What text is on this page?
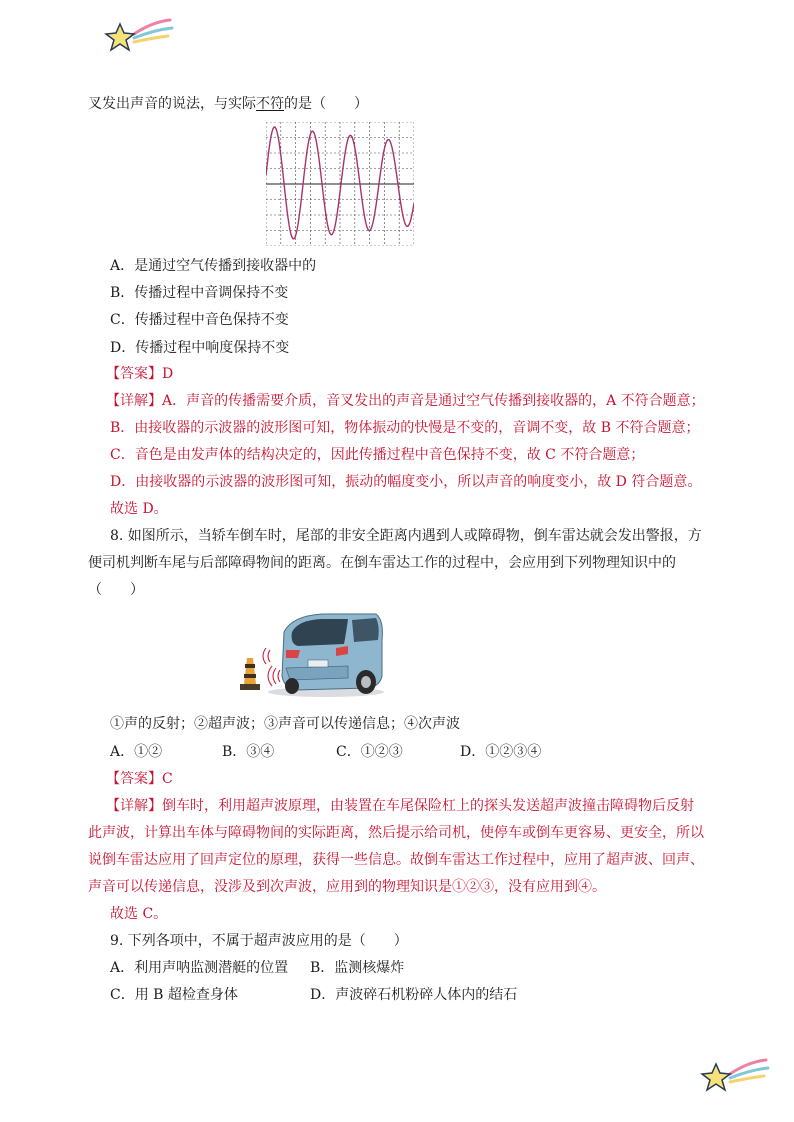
叉发出声音的说法，与实际不符的是（　　）
A．是通过空气传播到接收器中的
B．传播过程中音调保持不变
C．传播过程中音色保持不变
D．传播过程中响度保持不变
【答案】D
【详解】A．声音的传播需要介质，音叉发出的声音是通过空气传播到接收器的，A 不符合题意；
B．由接收器的示波器的波形图可知，物体振动的快慢是不变的，音调不变，故 B 不符合题意；
C．音色是由发声体的结构决定的，因此传播过程中音色保持不变，故 C 不符合题意；
D．由接收器的示波器的波形图可知，振动的幅度变小，所以声音的响度变小，故 D 符合题意。
故选 D。
8. 如图所示，当轿车倒车时，尾部的非安全距离内遇到人或障碍物，倒车雷达就会发出警报，方
便司机判断车尾与后部障碍物间的距离。在倒车雷达工作的过程中，会应用到下列物理知识中的
（　　）
①声的反射；②超声波；③声音可以传递信息；④次声波
A．①②	B．③④	C．①②③	D．①②③④
【答案】C
【详解】倒车时，利用超声波原理，由装置在车尾保险杠上的探头发送超声波撞击障碍物后反射
此声波，计算出车体与障碍物间的实际距离，然后提示给司机，使停车或倒车更容易、更安全，所以
说倒车雷达应用了回声定位的原理，获得一些信息。故倒车雷达工作过程中，应用了超声波、回声、
声音可以传递信息，没涉及到次声波，应用到的物理知识是①②③，没有应用到④。
故选 C。
9. 下列各项中，不属于超声波应用的是（　　）
A．利用声呐监测潜艇的位置 B．监测核爆炸
C．用 B 超检查身体	D．声波碎石机粉碎人体内的结石
